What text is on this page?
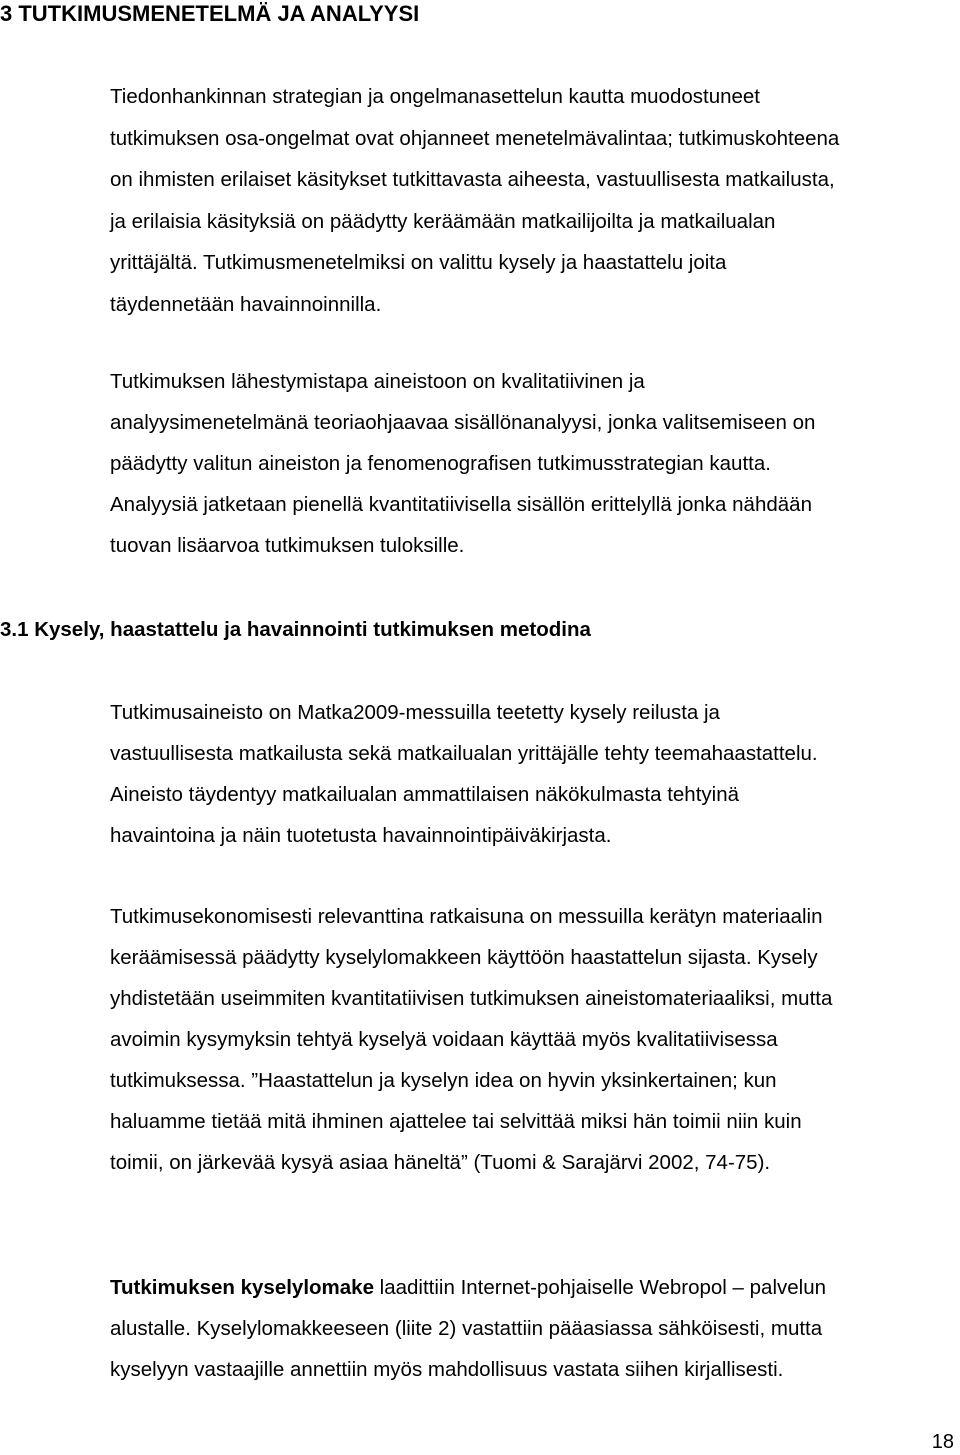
3 TUTKIMUSMENETELMÄ JA ANALYYSI
Tiedonhankinnan strategian ja ongelmanasettelun kautta muodostuneet
tutkimuksen osa-ongelmat ovat ohjanneet menetelmävalintaa; tutkimuskohteena
on ihmisten erilaiset käsitykset tutkittavasta aiheesta, vastuullisesta matkailusta,
ja erilaisia käsityksiä on päädytty keräämään matkailijoilta ja matkailualan
yrittäjältä. Tutkimusmenetelmiksi on valittu kysely ja haastattelu joita
täydennetään havainnoinnilla.
Tutkimuksen lähestymistapa aineistoon on kvalitatiivinen ja
analyysimenetelmänä teoriaohjaavaa sisällönanalyysi, jonka valitsemiseen on
päädytty valitun aineiston ja fenomenografisen tutkimusstrategian kautta.
Analyysiä jatketaan pienellä kvantitatiivisella sisällön erittelyllä jonka nähdään
tuovan lisäarvoa tutkimuksen tuloksille.
3.1 Kysely, haastattelu ja havainnointi tutkimuksen metodina
Tutkimusaineisto on Matka2009-messuilla teetetty kysely reilusta ja
vastuullisesta matkailusta sekä matkailualan yrittäjälle tehty teemahaastattelu.
Aineisto täydentyy matkailualan ammattilaisen näkökulmasta tehtyinä
havaintoina ja näin tuotetusta havainnointipäiväkirjasta.
Tutkimusekonomisesti relevanttina ratkaisuna on messuilla kerätyn materiaalin
keräämisessä päädytty kyselylomakkeen käyttöön haastattelun sijasta. Kysely
yhdistetään useimmiten kvantitatiivisen tutkimuksen aineistomateriaaliksi, mutta
avoimin kysymyksin tehtyä kyselyä voidaan käyttää myös kvalitatiivisessa
tutkimuksessa. ”Haastattelun ja kyselyn idea on hyvin yksinkertainen; kun
haluamme tietää mitä ihminen ajattelee tai selvittää miksi hän toimii niin kuin
toimii, on järkevää kysyä asiaa häneltä” (Tuomi & Sarajärvi 2002, 74-75).
Tutkimuksen kyselylomake laadittiin Internet-pohjaiselle Webropol – palvelun
alustalle. Kyselylomakkeeseen (liite 2) vastattiin pääasiassa sähköisesti, mutta
kyselyyn vastaajille annettiin myös mahdollisuus vastata siihen kirjallisesti.
18
